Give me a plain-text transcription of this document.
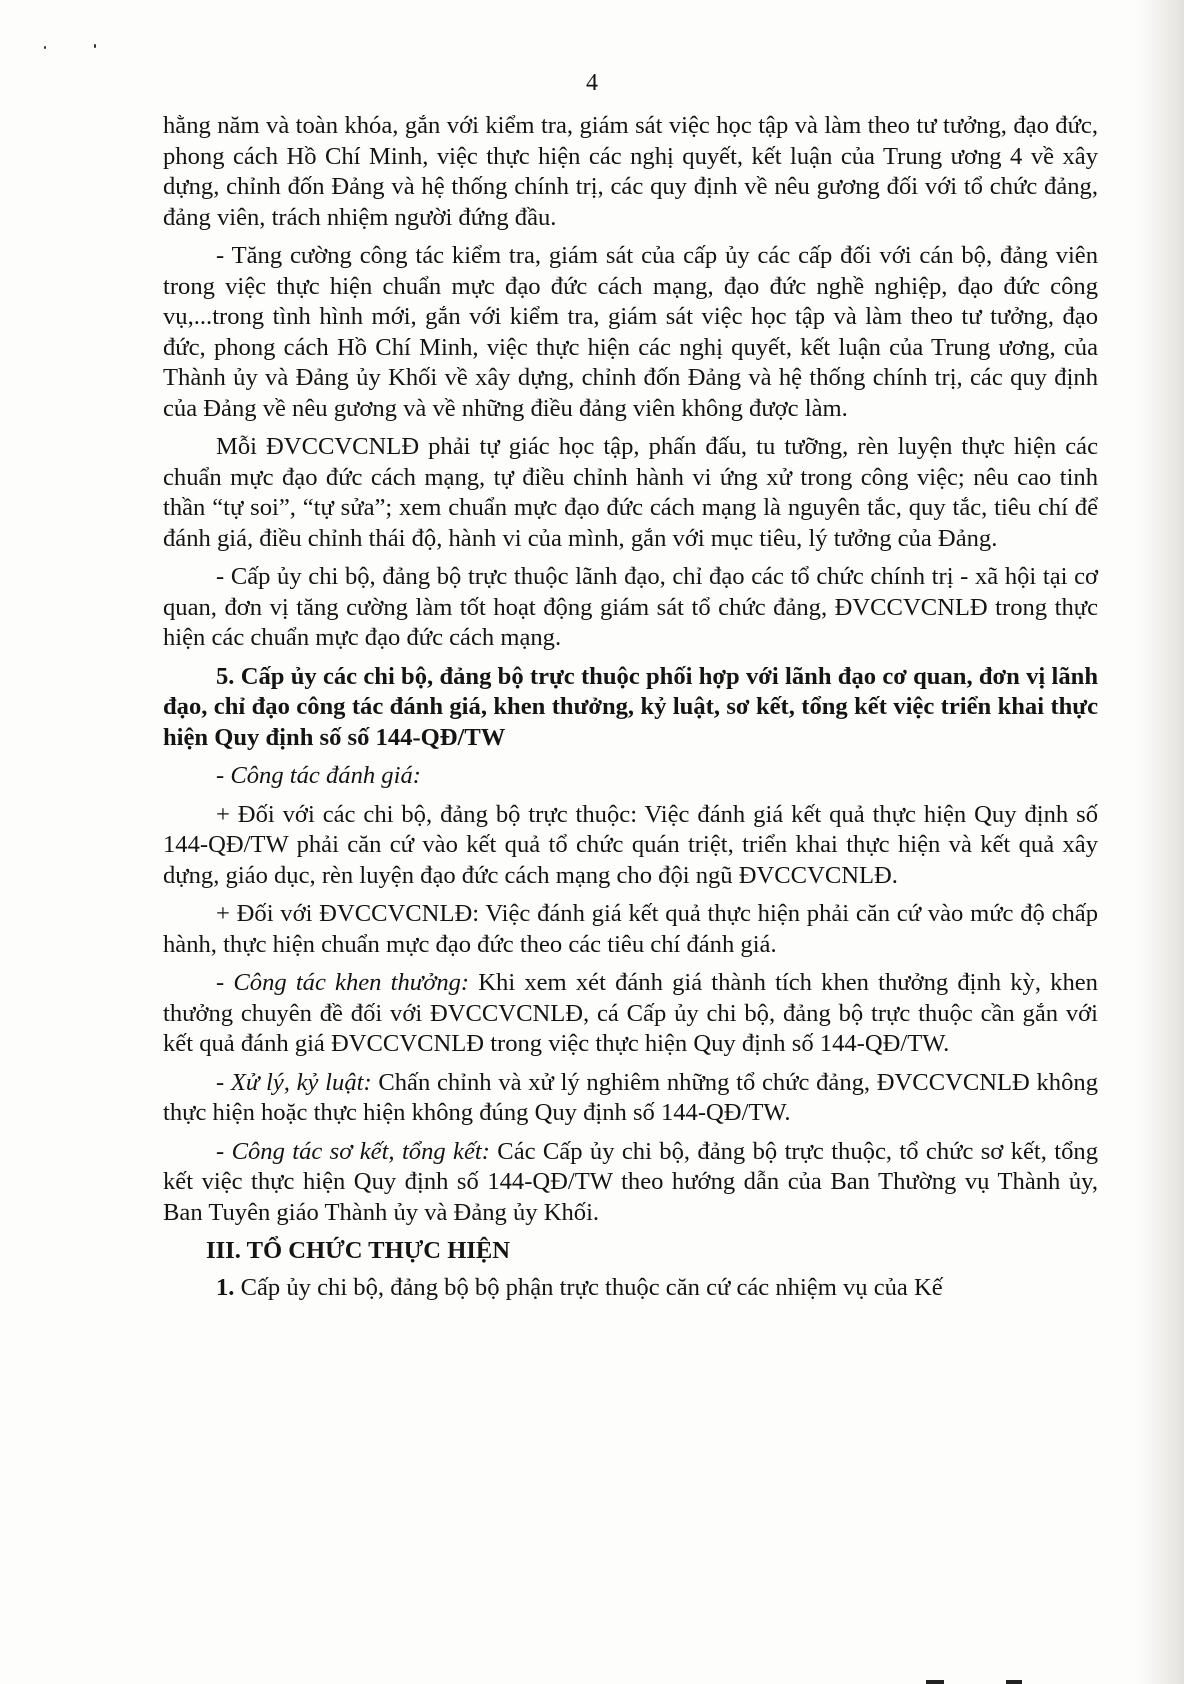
4

hằng năm và toàn khóa, gắn với kiểm tra, giám sát việc học tập và làm theo tư tưởng, đạo đức, phong cách Hồ Chí Minh, việc thực hiện các nghị quyết, kết luận của Trung ương 4 về xây dựng, chỉnh đốn Đảng và hệ thống chính trị, các quy định về nêu gương đối với tổ chức đảng, đảng viên, trách nhiệm người đứng đầu.

- Tăng cường công tác kiểm tra, giám sát của cấp ủy các cấp đối với cán bộ, đảng viên trong việc thực hiện chuẩn mực đạo đức cách mạng, đạo đức nghề nghiệp, đạo đức công vụ,...trong tình hình mới, gắn với kiểm tra, giám sát việc học tập và làm theo tư tưởng, đạo đức, phong cách Hồ Chí Minh, việc thực hiện các nghị quyết, kết luận của Trung ương, của Thành ủy và Đảng ủy Khối về xây dựng, chỉnh đốn Đảng và hệ thống chính trị, các quy định của Đảng về nêu gương và về những điều đảng viên không được làm.

Mỗi ĐVCCVCNLĐ phải tự giác học tập, phấn đấu, tu tưỡng, rèn luyện thực hiện các chuẩn mực đạo đức cách mạng, tự điều chỉnh hành vi ứng xử trong công việc; nêu cao tinh thần “tự soi”, “tự sửa”; xem chuẩn mực đạo đức cách mạng là nguyên tắc, quy tắc, tiêu chí để đánh giá, điều chỉnh thái độ, hành vi của mình, gắn với mục tiêu, lý tưởng của Đảng.

- Cấp ủy chi bộ, đảng bộ trực thuộc lãnh đạo, chỉ đạo các tổ chức chính trị - xã hội tại cơ quan, đơn vị tăng cường làm tốt hoạt động giám sát tổ chức đảng, ĐVCCVCNLĐ trong thực hiện các chuẩn mực đạo đức cách mạng.

5. Cấp ủy các chi bộ, đảng bộ trực thuộc phối hợp với lãnh đạo cơ quan, đơn vị lãnh đạo, chỉ đạo công tác đánh giá, khen thưởng, kỷ luật, sơ kết, tổng kết việc triển khai thực hiện Quy định số số 144-QĐ/TW

- Công tác đánh giá:

+ Đối với các chi bộ, đảng bộ trực thuộc: Việc đánh giá kết quả thực hiện Quy định số 144-QĐ/TW phải căn cứ vào kết quả tổ chức quán triệt, triển khai thực hiện và kết quả xây dựng, giáo dục, rèn luyện đạo đức cách mạng cho đội ngũ ĐVCCVCNLĐ.

+ Đối với ĐVCCVCNLĐ: Việc đánh giá kết quả thực hiện phải căn cứ vào mức độ chấp hành, thực hiện chuẩn mực đạo đức theo các tiêu chí đánh giá.

- Công tác khen thưởng: Khi xem xét đánh giá thành tích khen thưởng định kỳ, khen thưởng chuyên đề đối với ĐVCCVCNLĐ, cá Cấp ủy chi bộ, đảng bộ trực thuộc cần gắn với kết quả đánh giá ĐVCCVCNLĐ trong việc thực hiện Quy định số 144-QĐ/TW.

- Xử lý, kỷ luật: Chấn chỉnh và xử lý nghiêm những tổ chức đảng, ĐVCCVCNLĐ không thực hiện hoặc thực hiện không đúng Quy định số 144-QĐ/TW.

- Công tác sơ kết, tổng kết: Các Cấp ủy chi bộ, đảng bộ trực thuộc, tổ chức sơ kết, tổng kết việc thực hiện Quy định số 144-QĐ/TW theo hướng dẫn của Ban Thường vụ Thành ủy, Ban Tuyên giáo Thành ủy và Đảng ủy Khối.

III. TỔ CHỨC THỰC HIỆN

1. Cấp ủy chi bộ, đảng bộ bộ phận trực thuộc căn cứ các nhiệm vụ của Kế
